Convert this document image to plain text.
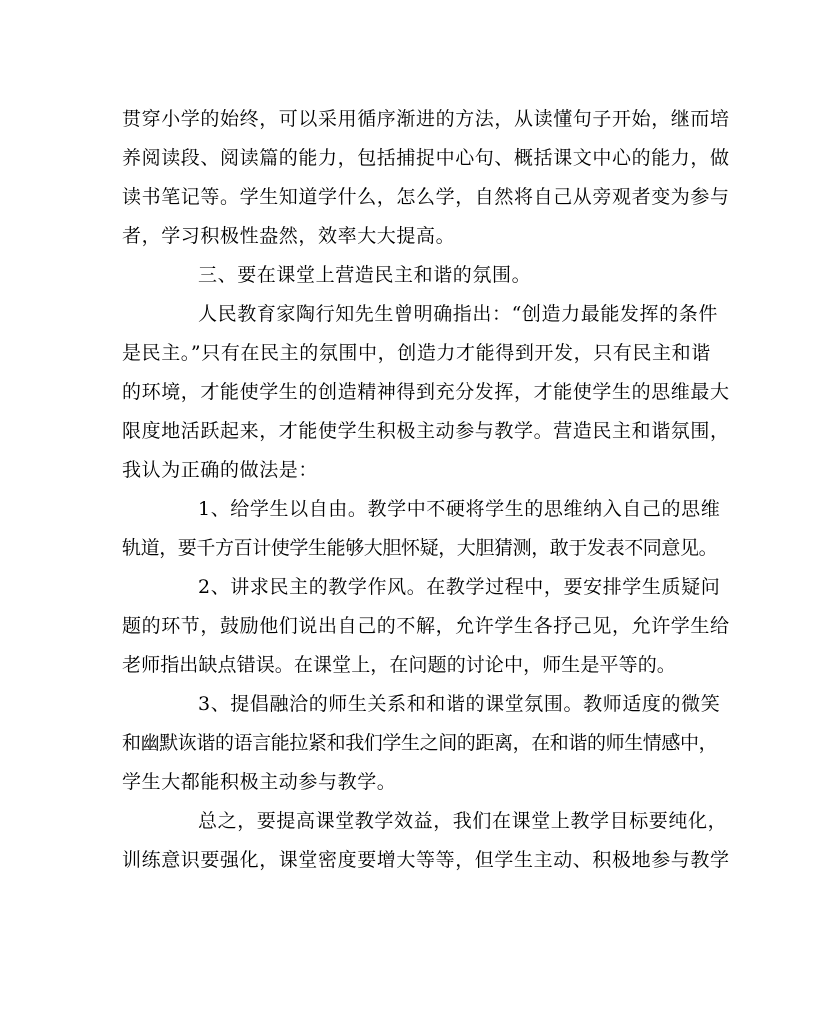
贯穿小学的始终，可以采用循序渐进的方法，从读懂句子开始，继而培
养阅读段、阅读篇的能力，包括捕捉中心句、概括课文中心的能力，做
读书笔记等。学生知道学什么，怎么学，自然将自己从旁观者变为参与
者，学习积极性盎然，效率大大提高。
三、要在课堂上营造民主和谐的氛围。
人民教育家陶行知先生曾明确指出：“创造力最能发挥的条件
是民主。”只有在民主的氛围中，创造力才能得到开发，只有民主和谐
的环境，才能使学生的创造精神得到充分发挥，才能使学生的思维最大
限度地活跃起来，才能使学生积极主动参与教学。营造民主和谐氛围，
我认为正确的做法是：
1、给学生以自由。教学中不硬将学生的思维纳入自己的思维
轨道，要千方百计使学生能够大胆怀疑，大胆猜测，敢于发表不同意见。
2、讲求民主的教学作风。在教学过程中，要安排学生质疑问
题的环节，鼓励他们说出自己的不解，允许学生各抒己见，允许学生给
老师指出缺点错误。在课堂上，在问题的讨论中，师生是平等的。
3、提倡融洽的师生关系和和谐的课堂氛围。教师适度的微笑
和幽默诙谐的语言能拉紧和我们学生之间的距离，在和谐的师生情感中，
学生大都能积极主动参与教学。
总之，要提高课堂教学效益，我们在课堂上教学目标要纯化，
训练意识要强化，课堂密度要增大等等，但学生主动、积极地参与教学
